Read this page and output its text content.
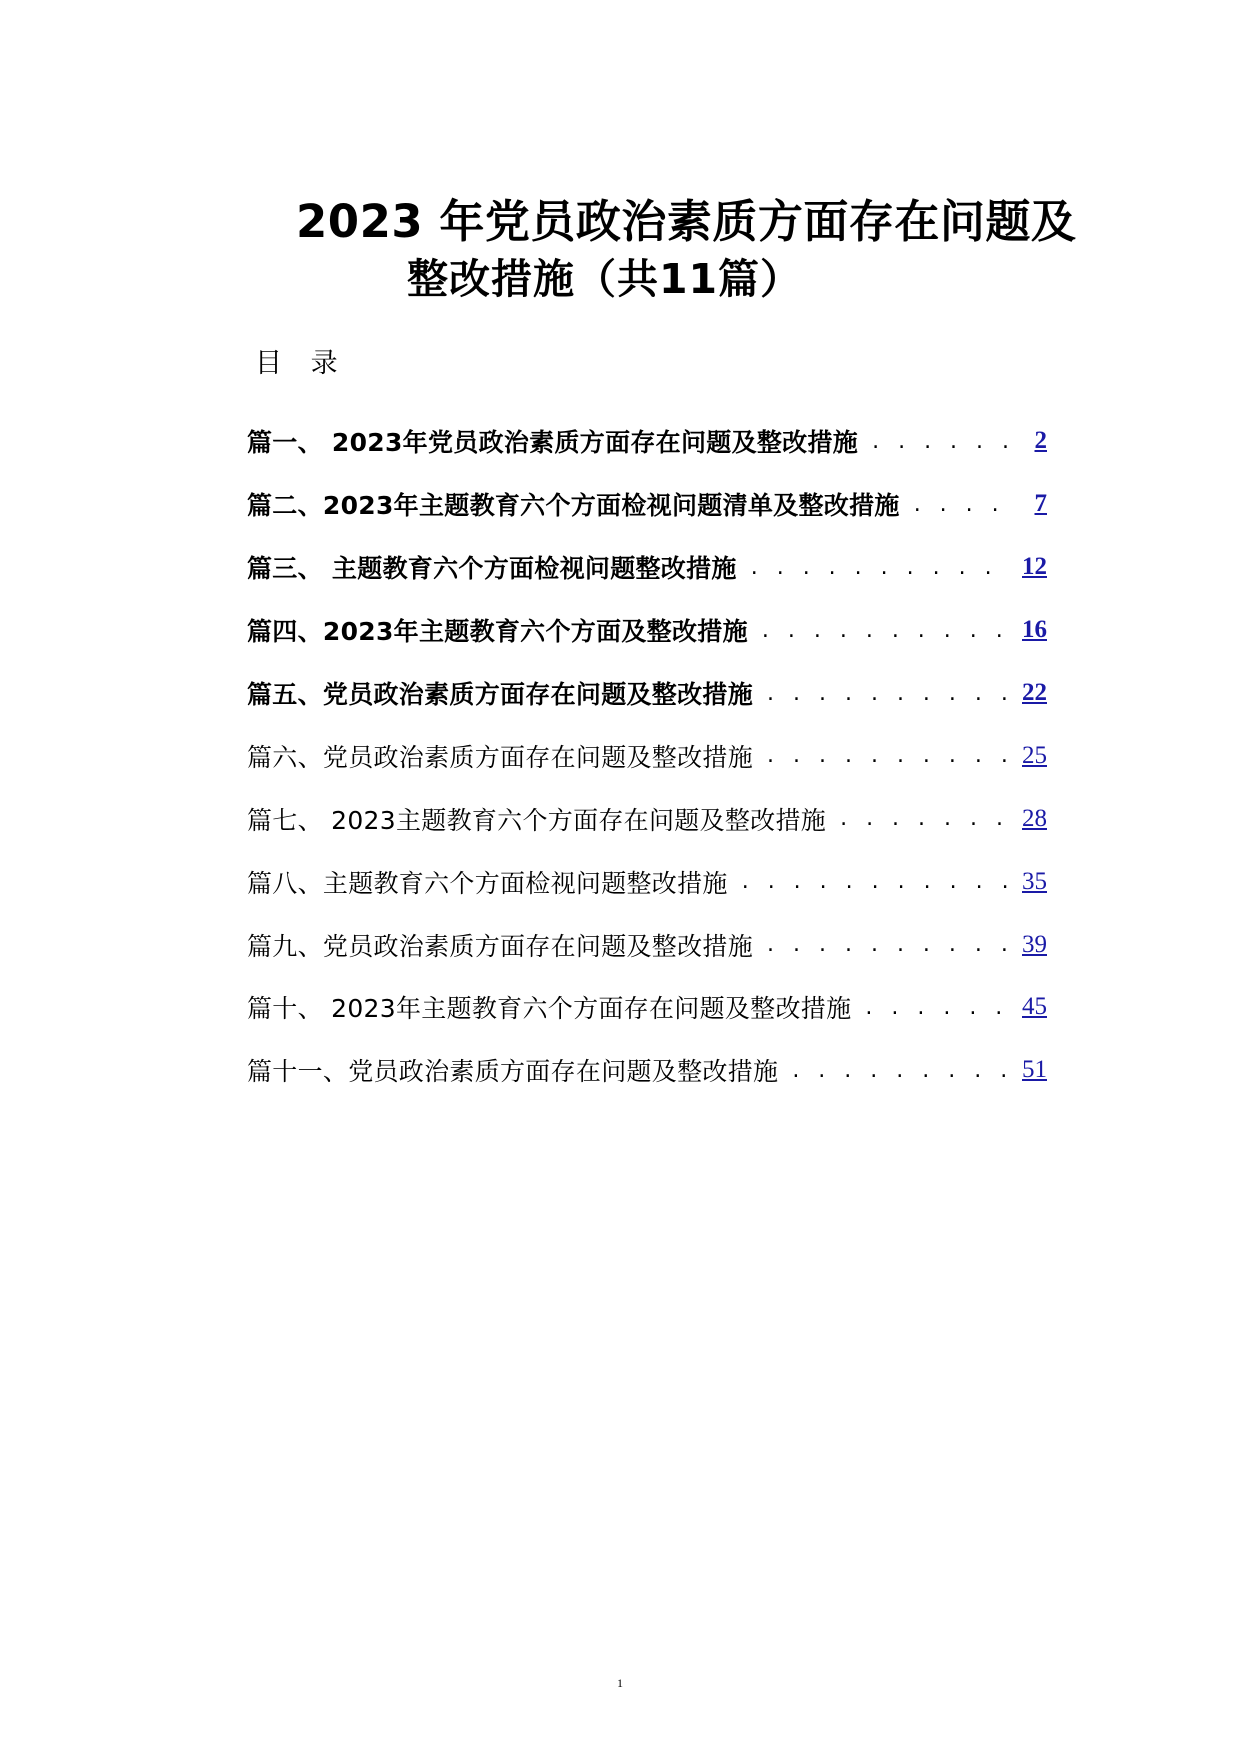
2023 年党员政治素质方面存在问题及
整改措施（共11篇）
目 录
篇一、 2023年党员政治素质方面存在问题及整改措施 . . .	2
篇二、2023年主题教育六个方面检视问题清单及整改措施 . . .	7
篇三、 主题教育六个方面检视问题整改措施 . . .	12
篇四、2023年主题教育六个方面及整改措施 . . .	16
篇五、党员政治素质方面存在问题及整改措施 . . .	22
篇六、党员政治素质方面存在问题及整改措施 . . .	25
篇七、 2023主题教育六个方面存在问题及整改措施 . . .	28
篇八、主题教育六个方面检视问题整改措施 . . .	35
篇九、党员政治素质方面存在问题及整改措施 . . .	39
篇十、 2023年主题教育六个方面存在问题及整改措施 . . .	45
篇十一、党员政治素质方面存在问题及整改措施 . . .	51
1
